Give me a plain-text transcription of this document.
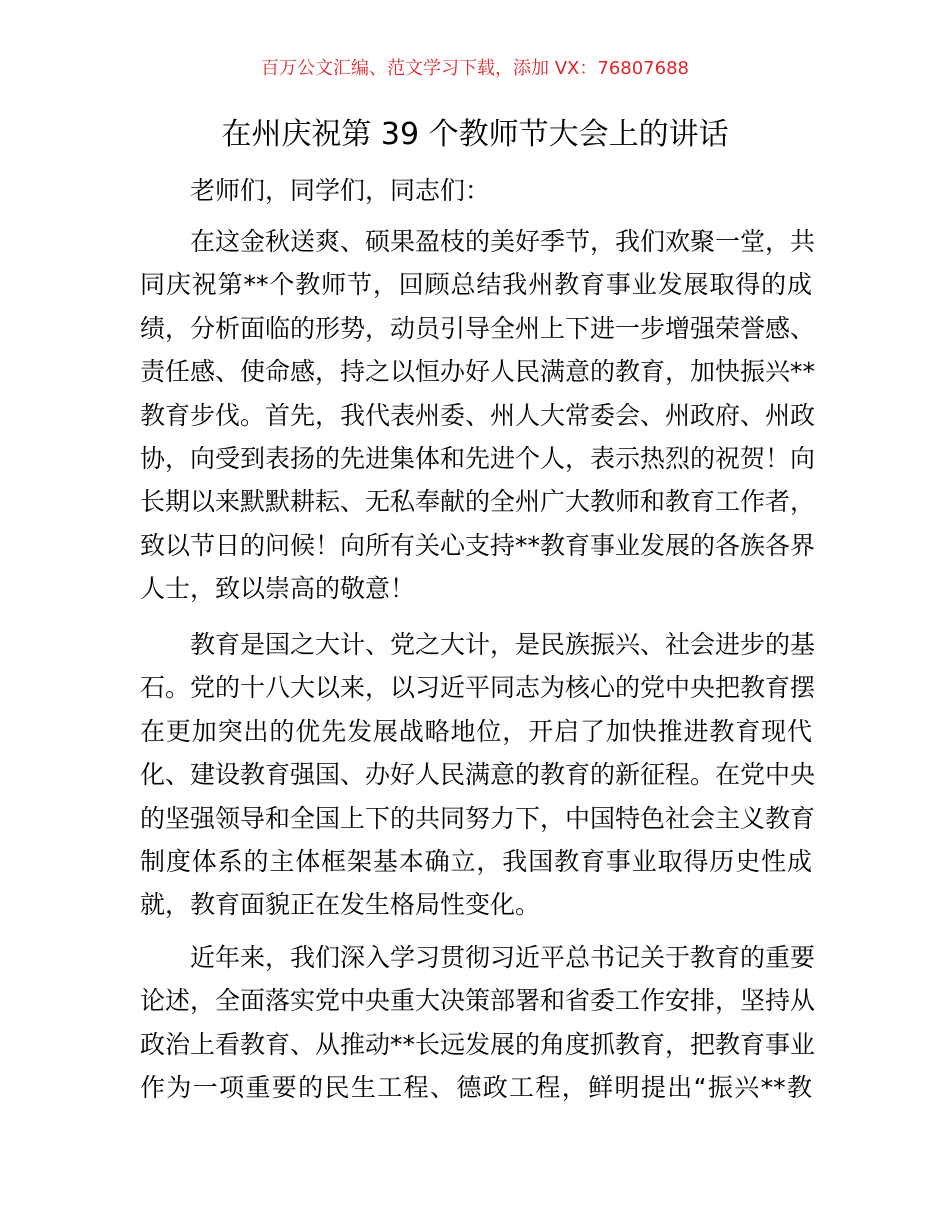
百万公文汇编、范文学习下载，添加 VX：76807688
在州庆祝第 39 个教师节大会上的讲话
老师们，同学们，同志们：
在这金秋送爽、硕果盈枝的美好季节，我们欢聚一堂，共
同庆祝第**个教师节，回顾总结我州教育事业发展取得的成
绩，分析面临的形势，动员引导全州上下进一步增强荣誉感、
责任感、使命感，持之以恒办好人民满意的教育，加快振兴**
教育步伐。首先，我代表州委、州人大常委会、州政府、州政
协，向受到表扬的先进集体和先进个人，表示热烈的祝贺！向
长期以来默默耕耘、无私奉献的全州广大教师和教育工作者，
致以节日的问候！向所有关心支持**教育事业发展的各族各界
人士，致以崇高的敬意！
教育是国之大计、党之大计，是民族振兴、社会进步的基
石。党的十八大以来，以习近平同志为核心的党中央把教育摆
在更加突出的优先发展战略地位，开启了加快推进教育现代
化、建设教育强国、办好人民满意的教育的新征程。在党中央
的坚强领导和全国上下的共同努力下，中国特色社会主义教育
制度体系的主体框架基本确立，我国教育事业取得历史性成
就，教育面貌正在发生格局性变化。
近年来，我们深入学习贯彻习近平总书记关于教育的重要
论述，全面落实党中央重大决策部署和省委工作安排，坚持从
政治上看教育、从推动**长远发展的角度抓教育，把教育事业
作为一项重要的民生工程、德政工程，鲜明提出“振兴**教
